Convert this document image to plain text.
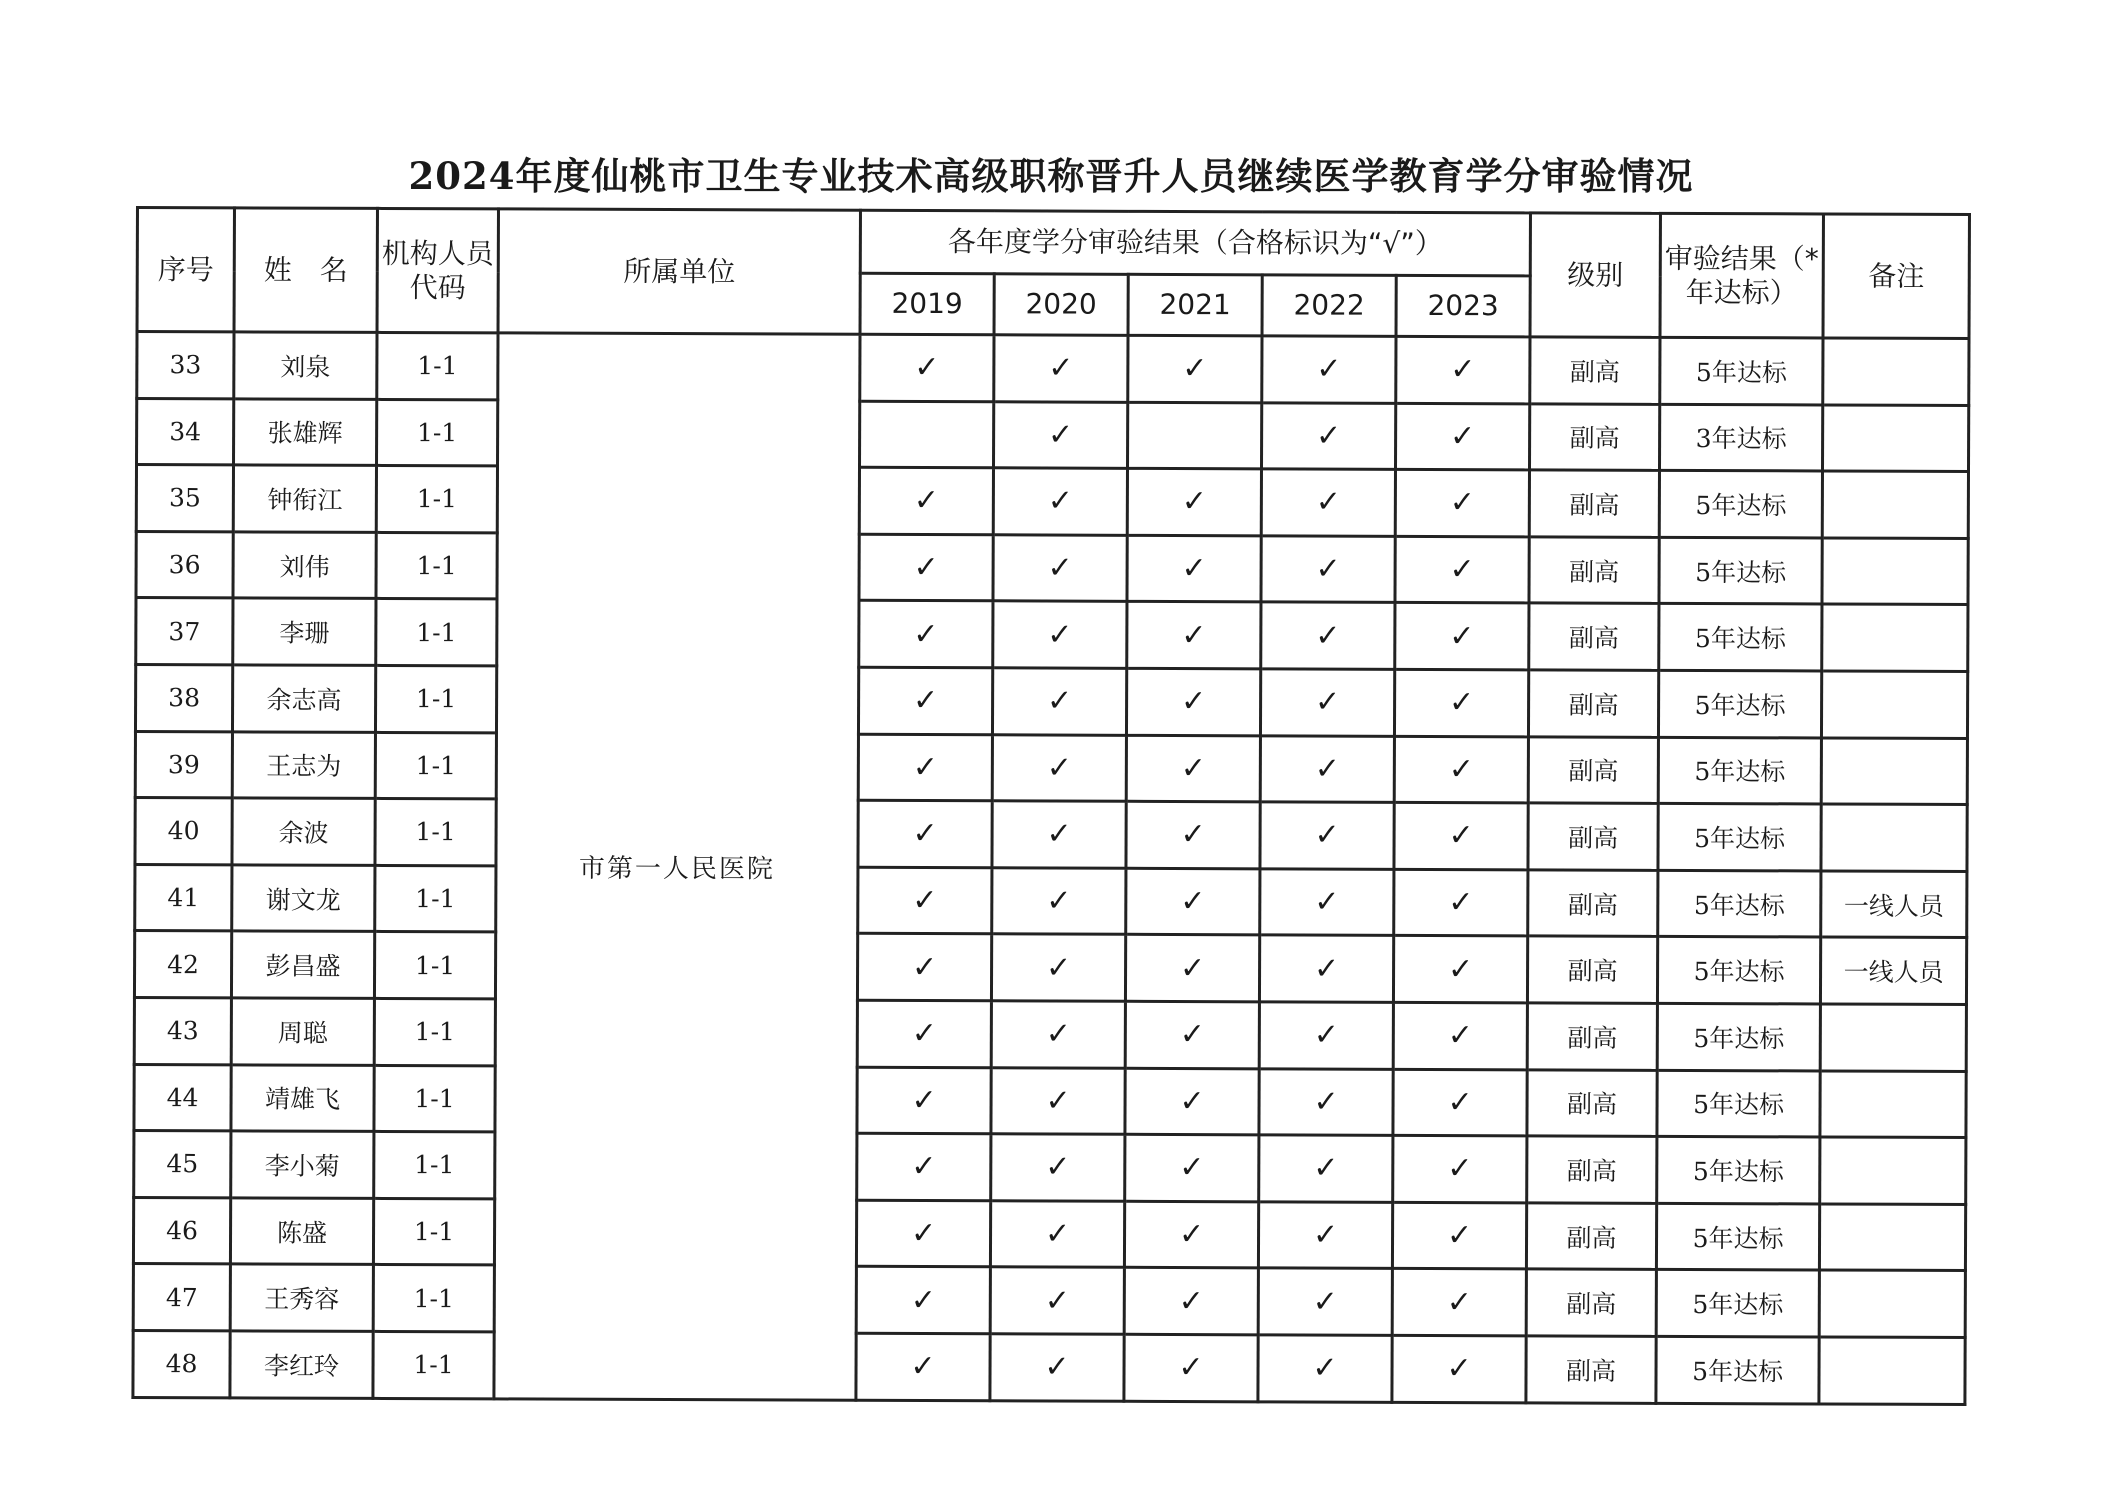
2024年度仙桃市卫生专业技术高级职称晋升人员继续医学教育学分审验情况
序号	姓　名	机构人员代码	所属单位	各年度学分审验结果（合格标识为“√”）					级别	审验结果（* 年达标）	备注
				2019	2020	2021	2022	2023			
33	刘泉	1-1	市第一人民医院	✓	✓	✓	✓	✓	副高	5年达标	
34	张雄辉	1-1			✓		✓	✓	副高	3年达标	
35	钟衔江	1-1		✓	✓	✓	✓	✓	副高	5年达标	
36	刘伟	1-1		✓	✓	✓	✓	✓	副高	5年达标	
37	李珊	1-1		✓	✓	✓	✓	✓	副高	5年达标	
38	余志高	1-1		✓	✓	✓	✓	✓	副高	5年达标	
39	王志为	1-1		✓	✓	✓	✓	✓	副高	5年达标	
40	余波	1-1		✓	✓	✓	✓	✓	副高	5年达标	
41	谢文龙	1-1		✓	✓	✓	✓	✓	副高	5年达标	一线人员
42	彭昌盛	1-1		✓	✓	✓	✓	✓	副高	5年达标	一线人员
43	周聪	1-1		✓	✓	✓	✓	✓	副高	5年达标	
44	靖雄飞	1-1		✓	✓	✓	✓	✓	副高	5年达标	
45	李小菊	1-1		✓	✓	✓	✓	✓	副高	5年达标	
46	陈盛	1-1		✓	✓	✓	✓	✓	副高	5年达标	
47	王秀容	1-1		✓	✓	✓	✓	✓	副高	5年达标	
48	李红玲	1-1		✓	✓	✓	✓	✓	副高	5年达标	
